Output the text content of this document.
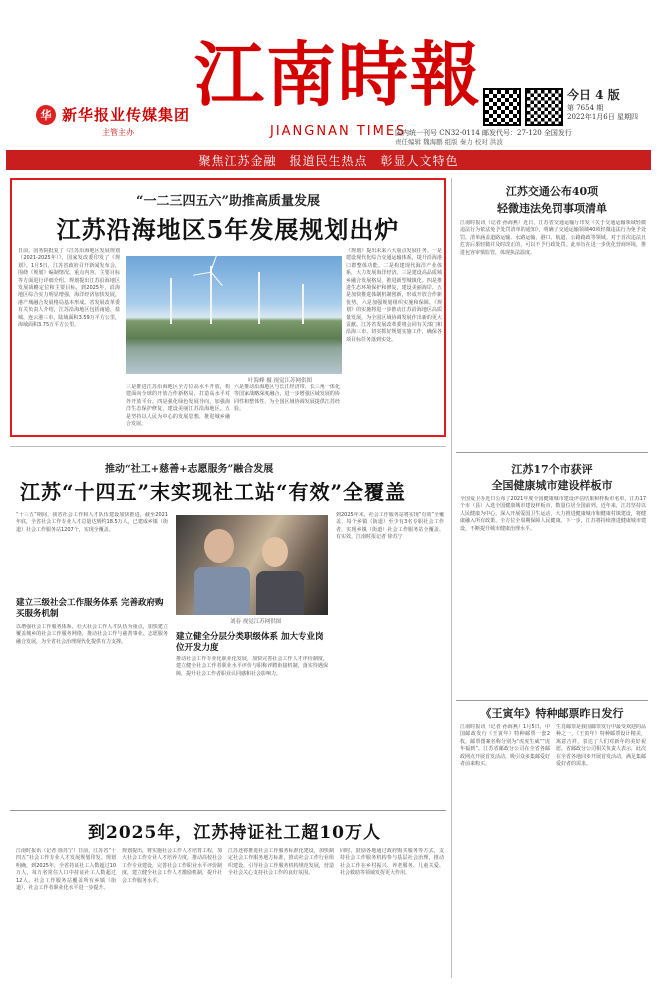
华 新华报业传媒集团
主管主办
江南時報
JIANGNAN TIMES
今日 4 版
第 7654 期
2022年1月6日 星期四
国内统一刊号 CN32-0114 邮发代号：27-120 全国发行
责任编辑 魏海鹏 组版 秦力 校对 洪波
聚焦江苏金融　报道民生热点　彰显人文特色
“一二三四五六”助推高质量发展
江苏沿海地区5年发展规划出炉
日前，国务院批复了《江苏沿海地区发展规划（2021-2025年）》，国家发改委印发了《规划》。1月5日，江苏省政府召开新闻发布会，围绕《规划》编制情况、重点内容、主要目标等方面进行详细介绍。规划提出江苏沿海地区发展战略定位和主要目标，到2025年，沿海地区综合实力明显增强，海洋经济加快发展，港产城融合发展格局基本形成。省发展改革委有关负责人介绍，江苏沿海地区包括南通、盐城、连云港三市，陆域面积3.59万平方公里，海域面积3.75万平方公里。
三是推进江苏沿海地区全方位高水平开放，构建面向全球的开放合作新格局，打造高水平对外开放平台。四是强化绿色发展导向，加强海洋生态保护修复，建设美丽江苏沿海地区。五是坚持以人民为中心的发展思想，推进城乡融合发展。
六是推动沿海地区与长江经济带、长三角一体化等国家战略深度融合，进一步增强区域发展的协同性和整体性，为全国区域协调发展提供江苏经验。
《规划》提出未来六大重点发展任务。一是建设现代化综合交通运输体系，提升沿海港口群整体功能。二是构建现代海洋产业体系，大力发展海洋经济。三是建设高品质城乡融合发展格局，推进新型城镇化。四是推进生态环境保护和修复，建设美丽海岸。五是加快推进体制机制创新，形成开放合作新优势。六是加强规划组织实施和保障。《规划》的实施将进一步推动江苏沿海地区高质量发展，为全国区域协调发展作出新的更大贡献。江苏省发展改革委将会同有关部门和沿海三市，切实抓好规划实施工作，确保各项目标任务落到实处。
叶海峰 摄 视觉江苏网供图
推动“社工+慈善+志愿服务”融合发展
江苏“十四五”末实现社工站“有效”全覆盖
“十三五”期间，我省社会工作和人才队伍建设加快推进，截至2021年底，全省社会工作专业人才总量达到约18.5万人，已建成乡镇（街道）社会工作服务站1207个，实现全覆盖。
建立三级社会工作服务体系 完善政府购买服务机制
以增强社会工作服务体系、壮大社会工作人才队伍为重点，加快建立覆盖城乡的社会工作服务网络，推动社会工作与慈善事业、志愿服务融合发展，为全省社会治理现代化提供有力支撑。
刘春 视觉江苏网供图
建立健全分层分类职级体系 加大专业岗位开发力度
推动社会工作专业化职业化发展，加快完善社会工作人才评价制度，建立健全社会工作者职业水平评价与职称评聘衔接机制，落实待遇保障，提升社会工作者职业认同感和社会影响力。
到2025年末，社会工作服务站将实现“有效”全覆盖，每个乡镇（街道）至少有3名专职社会工作者，实现乡镇（街道）社会工作服务站全覆盖、有实效。江南时报记者 徐苏宁
到2025年，江苏持证社工超10万人
江南时报讯（记者 徐苏宁）日前，江苏省“十四五”社会工作专业人才发展规划印发。规划明确，到2025年，全省持证社工人数超过10万人，每万名常住人口中持证社工人数超过12人，社会工作服务站覆盖所有乡镇（街道），社会工作者职业化水平进一步提升。
规划提出，将实施社会工作人才培育工程，加大社会工作专业人才培养力度，推动高校社会工作专业建设，完善社会工作职业水平评价制度，建立健全社会工作人才激励机制，提升社会工作服务水平。
江苏还将推进社会工作服务标准化建设，加快制定社会工作服务地方标准，推动社会工作行业组织建设，引导社会工作服务机构规范发展，营造全社会关心支持社会工作的良好氛围。
同时，鼓励各地通过政府购买服务等方式，支持社会工作服务机构参与基层社会治理，推动社会工作在乡村振兴、养老服务、儿童关爱、社会救助等领域发挥更大作用。
江苏交通公布40项
轻微违法免罚事项清单
江南时报讯（记者 孙海燕）近日，江苏省交通运输厅印发《关于交通运输领域轻微违法行为依法免予处罚清单的通知》，明确了交通运输领域40项轻微违法行为免予处罚。清单涵盖道路运输、水路运输、港口、航道、公路路政等领域。对于首次违法且危害后果轻微并及时改正的，可以不予行政处罚。此举旨在进一步优化营商环境，推进包容审慎监管，体现执法温度。
江苏17个市获评
全国健康城市建设样板市
全国爱卫办近日公布了2021年度全国健康城市建设评估结果和样板市名单，江苏17个市（县）入选全国健康城市建设样板市，数量位居全国前列。近年来，江苏坚持以人民健康为中心，深入开展爱国卫生运动，大力推进健康城市和健康村镇建设，将健康融入所有政策，全方位全周期保障人民健康。下一步，江苏将持续推进健康城市建设，不断提升城市健康治理水平。
《王寅年》特种邮票昨日发行
江南时报讯（记者 孙海燕）1月5日，中国邮政发行《王寅年》特种邮票一套2枚，邮票图案名称分别为“虎虎生威”“虎年福到”。江苏省邮政分公司在全省各邮政网点开展首发活动，吸引众多集邮爱好者前来购买。
生肖邮票是我国邮票发行中最受欢迎的品种之一。《王寅年》特种邮票设计精美，寓意吉祥，表达了人们对新年的美好祝愿。省邮政分公司相关负责人表示，此次在全省各地同步开展首发活动，满足集邮爱好者的需求。
